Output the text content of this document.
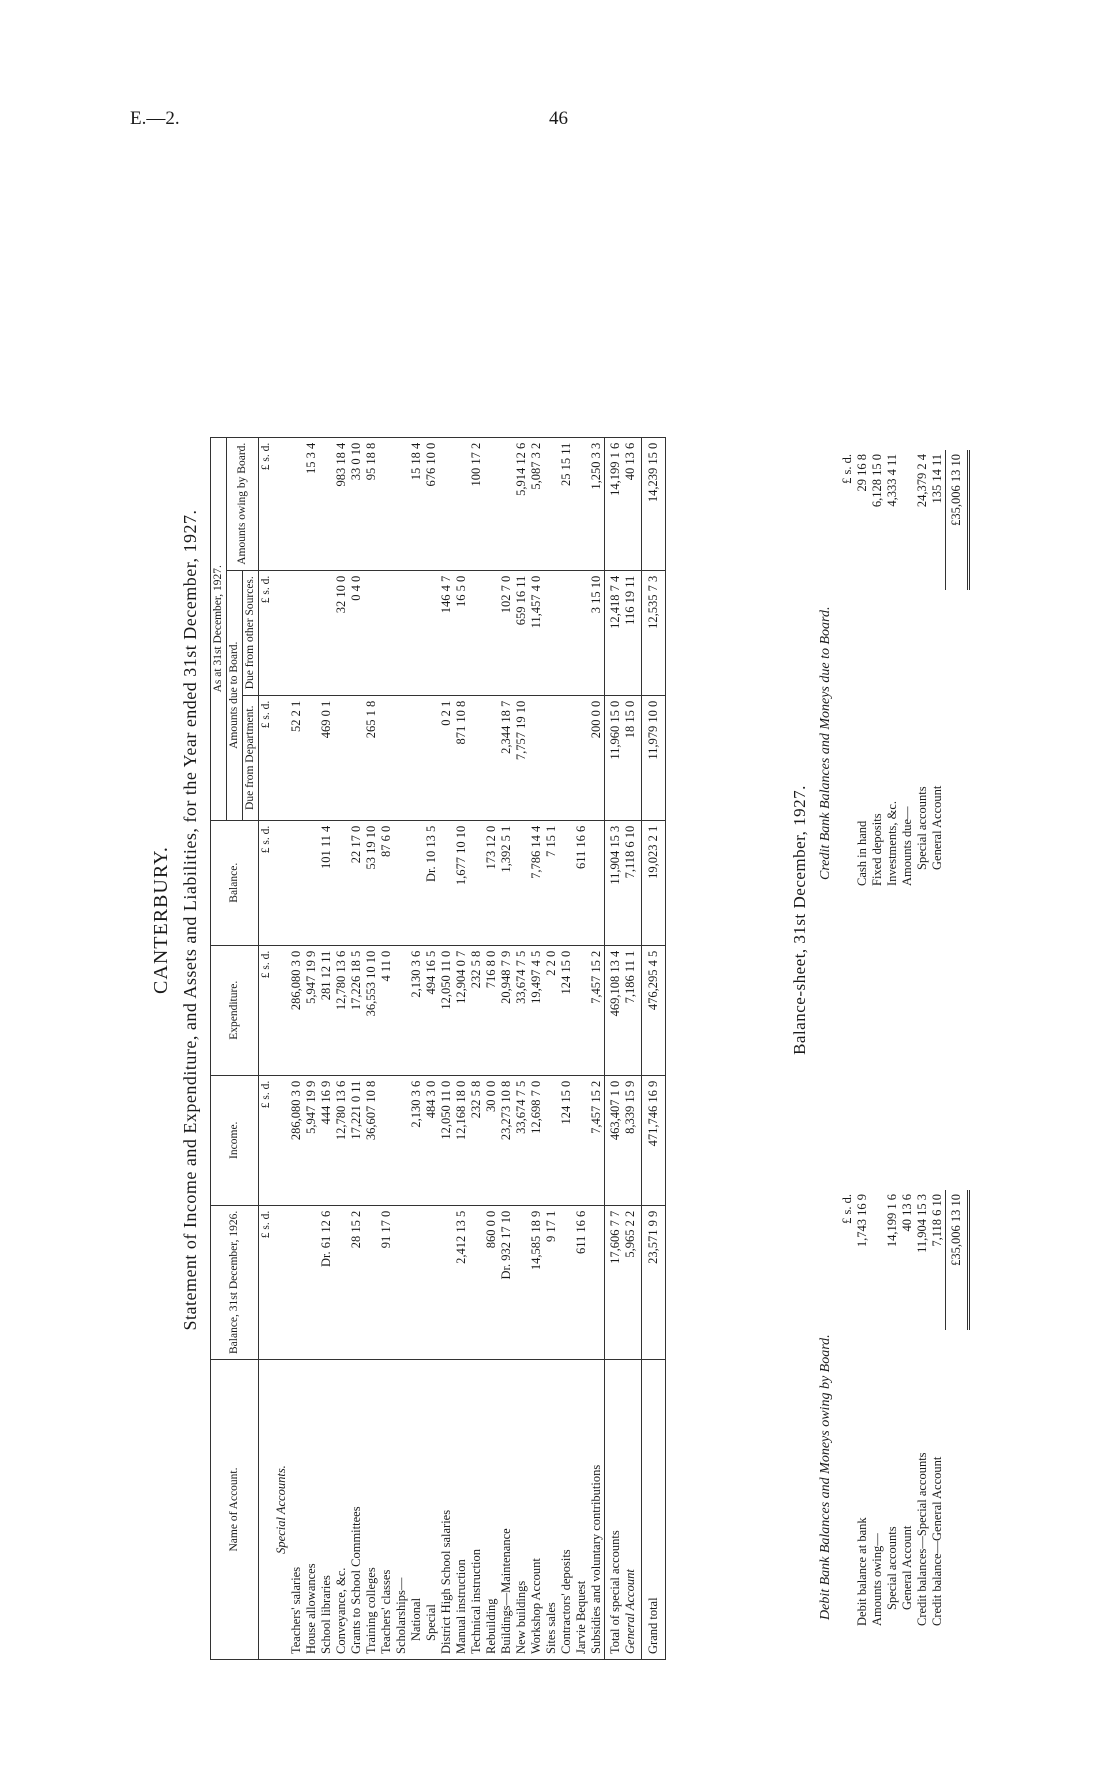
E.—2.	46
CANTERBURY. Statement of Income and Expenditure, and Assets and Liabilities, for the Year ended 31st December, 1927.
Name of Account.	Balance, 31st December, 1926.	Income.	Expenditure.	Balance.	As at 31st December, 1927.		
					Amounts due to Board.		Amounts owing by Board.
					Due from Department.	Due from other Sources.	
	£ s. d.	£ s. d.	£ s. d.	£ s. d.	£ s. d.	£ s. d.	£ s. d.
Special Accounts.							
Teachers' salaries		286,080 3 0	286,080 3 0		52 2 1		
House allowances		5,947 19 9	5,947 19 9				15 3 4
School libraries	Dr. 61 12 6	444 16 9	281 12 11	101 11 4	469 0 1		
Conveyance, &c.		12,780 13 6	12,780 13 6			32 10 0	983 18 4
Grants to School Committees	28 15 2	17,221 0 11	17,226 18 5	22 17 0		0 4 0	33 0 10
Training colleges		36,607 10 8	36,553 10 10	53 19 10	265 1 8		95 18 8
Teachers' classes	91 17 0		4 11 0	87 6 0			
Scholarships—							
National		2,130 3 6	2,130 3 6				15 18 4
Special		484 3 0	494 16 5	Dr. 10 13 5			676 10 0
District High School salaries		12,050 11 0	12,050 11 0		0 2 1	146 4 7	
Manual instruction	2,412 13 5	12,168 18 0	12,904 0 7	1,677 10 10	871 10 8	16 5 0	
Technical instruction		232 5 8	232 5 8				100 17 2
Rebuilding	860 0 0	30 0 0	716 8 0	173 12 0			
Buildings—Maintenance	Dr. 932 17 10	23,273 10 8	20,948 7 9	1,392 5 1	2,344 18 7	102 7 0	
New buildings		33,674 7 5	33,674 7 5		7,757 19 10	659 16 11	5,914 12 6
Workshop Account	14,585 18 9	12,698 7 0	19,497 4 5	7,786 14 4		11,457 4 0	5,087 3 2
Sites sales	9 17 1		2 2 0	7 15 1			
Contractors' deposits		124 15 0	124 15 0				25 15 11
Jarvie Bequest	611 16 6			611 16 6			
Subsidies and voluntary contributions		7,457 15 2	7,457 15 2		200 0 0	3 15 10	1,250 3 3
Total of special accounts	17,606 7 7	463,407 1 0	469,108 13 4	11,904 15 3	11,960 15 0	12,418 7 4	14,199 1 6
General Account	5,965 2 2	8,339 15 9	7,186 11 1	7,118 6 10	18 15 0	116 19 11	40 13 6
Grand total	23,571 9 9	471,746 16 9	476,295 4 5	19,023 2 1	11,979 10 0	12,535 7 3	14,239 15 0
Balance-sheet, 31st December, 1927.
Debit Bank Balances and Moneys owing by Board.
Credit Bank Balances and Moneys due to Board.
	£ s. d.
Debit balance at bank	1,743 16 9
Amounts owing—	
Special accounts	14,199 1 6
General Account	40 13 6
Credit balances—Special accounts	11,904 15 3
Credit balance—General Account	7,118 6 10
	£35,006 13 10
	£ s. d.
Cash in hand	29 16 8
Fixed deposits	6,128 15 0
Investments, &c.	4,333 4 11
Amounts due—	
Special accounts	24,379 2 4
General Account	135 14 11
	£35,006 13 10
